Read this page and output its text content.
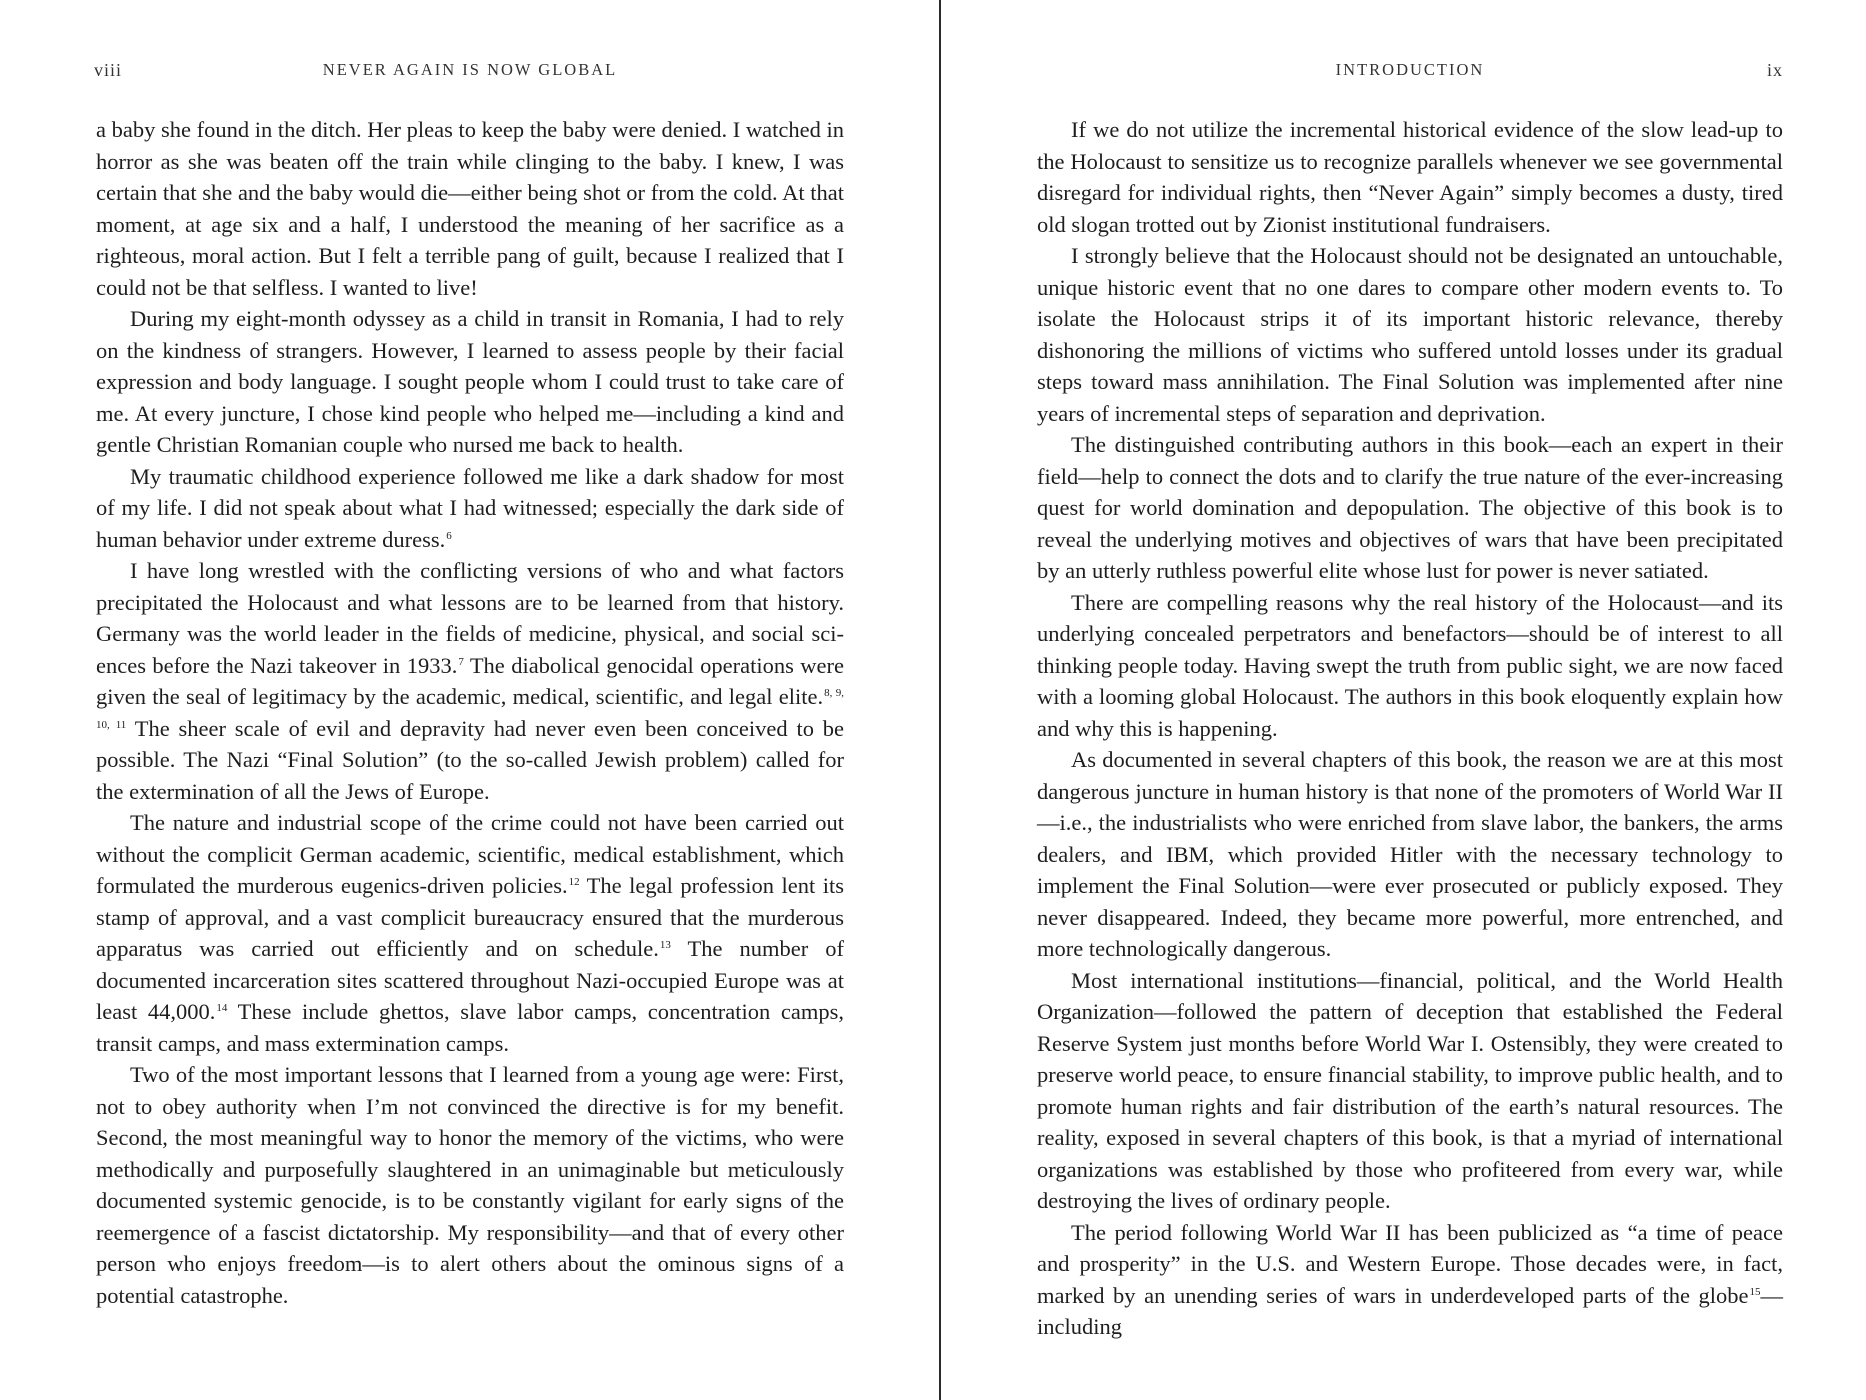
viii	NEVER AGAIN IS NOW GLOBAL

a baby she found in the ditch. Her pleas to keep the baby were denied. I watched in horror as she was beaten off the train while clinging to the baby. I knew, I was certain that she and the baby would die—either being shot or from the cold. At that moment, at age six and a half, I understood the meaning of her sacrifice as a righteous, moral action. But I felt a terrible pang of guilt, because I realized that I could not be that selfless. I wanted to live!

During my eight-month odyssey as a child in transit in Romania, I had to rely on the kindness of strangers. However, I learned to assess people by their facial expression and body language. I sought people whom I could trust to take care of me. At every juncture, I chose kind people who helped me—including a kind and gentle Christian Romanian couple who nursed me back to health.

My traumatic childhood experience followed me like a dark shadow for most of my life. I did not speak about what I had witnessed; especially the dark side of human behavior under extreme duress.$^6$

I have long wrestled with the conflicting versions of who and what factors precipitated the Holocaust and what lessons are to be learned from that history. Germany was the world leader in the fields of medicine, physical, and social sciences before the Nazi takeover in 1933.$^7$ The diabolical genocidal operations were given the seal of legitimacy by the academic, medical, scientific, and legal elite.$^{8, 9, 10, 11}$ The sheer scale of evil and depravity had never even been conceived to be possible. The Nazi “Final Solution” (to the so-called Jewish problem) called for the extermination of all the Jews of Europe.

The nature and industrial scope of the crime could not have been carried out without the complicit German academic, scientific, medical establishment, which formulated the murderous eugenics-driven policies.$^{12}$ The legal profession lent its stamp of approval, and a vast complicit bureaucracy ensured that the murderous apparatus was carried out efficiently and on schedule.$^{13}$ The number of documented incarceration sites scattered throughout Nazi-occupied Europe was at least 44,000.14 These include ghettos, slave labor camps, concentration camps, transit camps, and mass extermination camps.

Two of the most important lessons that I learned from a young age were: First, not to obey authority when I’m not convinced the directive is for my benefit. Second, the most meaningful way to honor the memory of the victims, who were methodically and purposefully slaughtered in an unimaginable but meticulously documented systemic genocide, is to be constantly vigilant for early signs of the reemergence of a fascist dictatorship. My responsibility—and that of every other person who enjoys freedom—is to alert others about the ominous signs of a potential catastrophe.

INTRODUCTION	ix

If we do not utilize the incremental historical evidence of the slow lead-up to the Holocaust to sensitize us to recognize parallels whenever we see governmental disregard for individual rights, then “Never Again” simply becomes a dusty, tired old slogan trotted out by Zionist institutional fundraisers.

I strongly believe that the Holocaust should not be designated an untouchable, unique historic event that no one dares to compare other modern events to. To isolate the Holocaust strips it of its important historic relevance, thereby dishonoring the millions of victims who suffered untold losses under its gradual steps toward mass annihilation. The Final Solution was implemented after nine years of incremental steps of separation and deprivation.

The distinguished contributing authors in this book—each an expert in their field—help to connect the dots and to clarify the true nature of the ever-increasing quest for world domination and depopulation. The objective of this book is to reveal the underlying motives and objectives of wars that have been precipitated by an utterly ruthless powerful elite whose lust for power is never satiated.

There are compelling reasons why the real history of the Holocaust—and its underlying concealed perpetrators and benefactors—should be of interest to all thinking people today. Having swept the truth from public sight, we are now faced with a looming global Holocaust. The authors in this book eloquently explain how and why this is happening.

As documented in several chapters of this book, the reason we are at this most dangerous juncture in human history is that none of the promoters of World War II—i.e., the industrialists who were enriched from slave labor, the bankers, the arms dealers, and IBM, which provided Hitler with the necessary technology to implement the Final Solution—were ever prosecuted or publicly exposed. They never disappeared. Indeed, they became more powerful, more entrenched, and more technologically dangerous.

Most international institutions—financial, political, and the World Health Organization—followed the pattern of deception that established the Federal Reserve System just months before World War I. Ostensibly, they were created to preserve world peace, to ensure financial stability, to improve public health, and to promote human rights and fair distribution of the earth’s natural resources. The reality, exposed in several chapters of this book, is that a myriad of international organizations was established by those who profiteered from every war, while destroying the lives of ordinary people.

The period following World War II has been publicized as “a time of peace and prosperity” in the U.S. and Western Europe. Those decades were, in fact, marked by an unending series of wars in underdeveloped parts of the globe$^{15}$—including
